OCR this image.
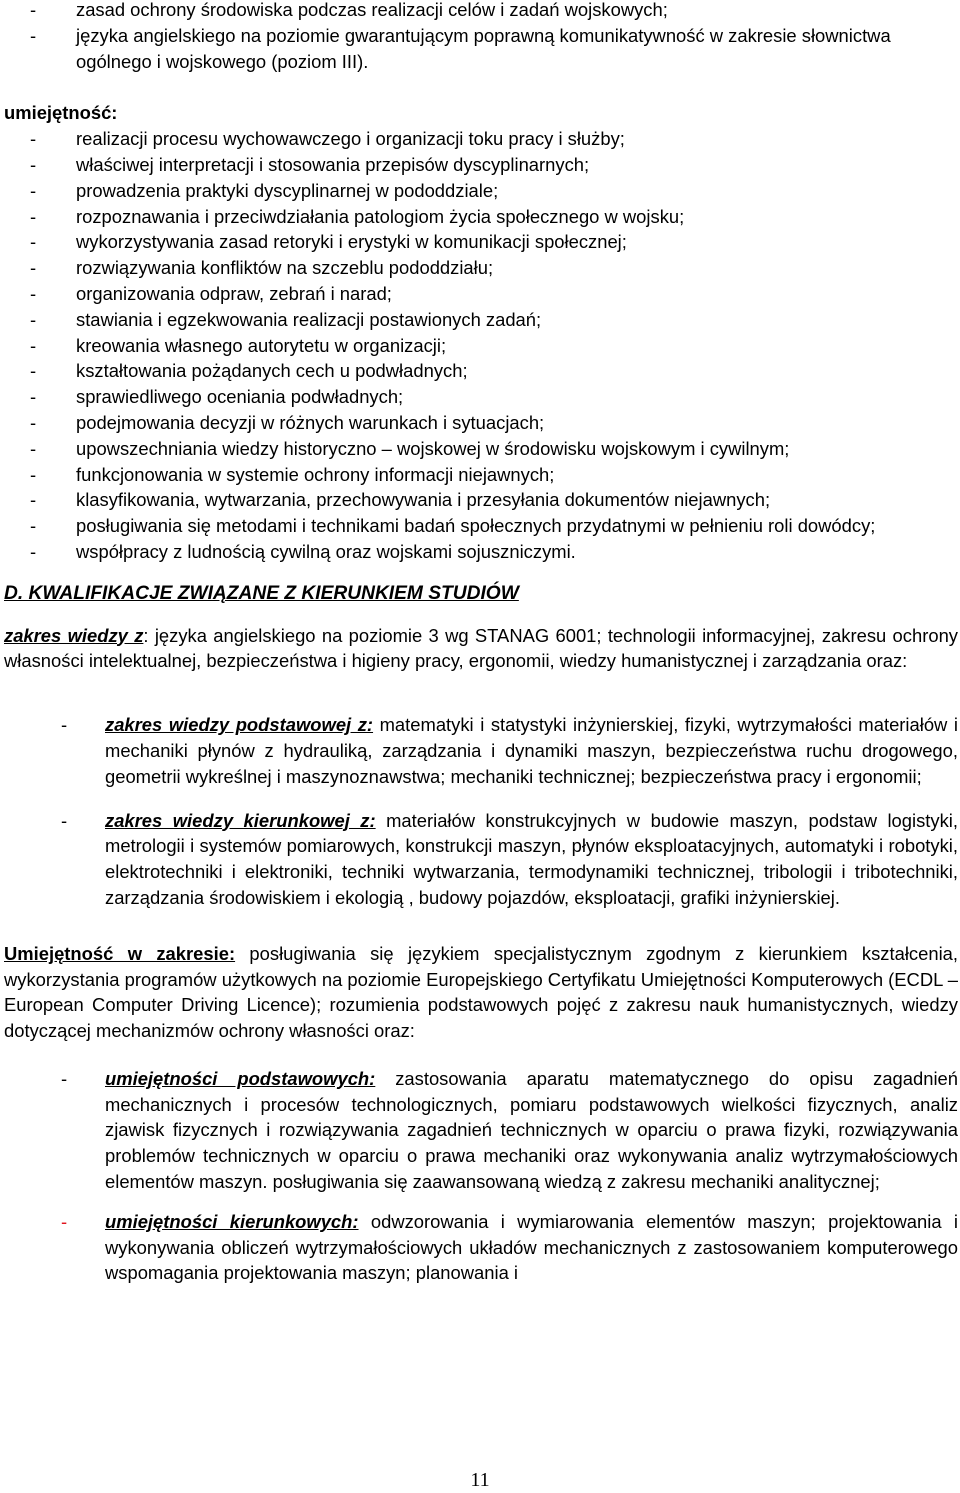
- zasad ochrony środowiska podczas realizacji celów i zadań wojskowych;
- języka angielskiego na poziomie gwarantującym poprawną komunikatywność w zakresie słownictwa ogólnego i wojskowego (poziom III).
umiejętność:
- realizacji procesu wychowawczego i organizacji toku pracy i służby;
- właściwej interpretacji i stosowania przepisów dyscyplinarnych;
- prowadzenia praktyki dyscyplinarnej w pododdziale;
- rozpoznawania i przeciwdziałania patologiom życia społecznego w wojsku;
- wykorzystywania zasad retoryki i erystyki w komunikacji społecznej;
- rozwiązywania konfliktów na szczeblu pododdziału;
- organizowania odpraw, zebrań i narad;
- stawiania i egzekwowania realizacji postawionych zadań;
- kreowania własnego autorytetu w organizacji;
- kształtowania pożądanych cech u podwładnych;
- sprawiedliwego oceniania podwładnych;
- podejmowania decyzji w różnych warunkach i sytuacjach;
- upowszechniania wiedzy historyczno – wojskowej w środowisku wojskowym i cywilnym;
- funkcjonowania w systemie ochrony informacji niejawnych;
- klasyfikowania, wytwarzania, przechowywania i przesyłania dokumentów niejawnych;
- posługiwania się metodami i technikami badań społecznych przydatnymi w pełnieniu roli dowódcy;
- współpracy z ludnością cywilną oraz wojskami sojuszniczymi.
D. KWALIFIKACJE ZWIĄZANE Z KIERUNKIEM STUDIÓW

zakres wiedzy z: języka angielskiego na poziomie 3 wg STANAG 6001; technologii informacyjnej, zakresu ochrony własności intelektualnej, bezpieczeństwa i higieny pracy, ergonomii, wiedzy humanistycznej i zarządzania oraz:

- zakres wiedzy podstawowej z: matematyki i statystyki inżynierskiej, fizyki, wytrzymałości materiałów i mechaniki płynów z hydrauliką, zarządzania i dynamiki maszyn, bezpieczeństwa ruchu drogowego, geometrii wykreślnej i maszynoznawstwa; mechaniki technicznej; bezpieczeństwa pracy i ergonomii;
- zakres wiedzy kierunkowej z: materiałów konstrukcyjnych w budowie maszyn, podstaw logistyki, metrologii i systemów pomiarowych, konstrukcji maszyn, płynów eksploatacyjnych, automatyki i robotyki, elektrotechniki i elektroniki, techniki wytwarzania, termodynamiki technicznej, tribologii i tribotechniki, zarządzania środowiskiem i ekologią , budowy pojazdów, eksploatacji, grafiki inżynierskiej.

Umiejętność w zakresie: posługiwania się językiem specjalistycznym zgodnym z kierunkiem kształcenia, wykorzystania programów użytkowych na poziomie Europejskiego Certyfikatu Umiejętności Komputerowych (ECDL – European Computer Driving Licence); rozumienia podstawowych pojęć z zakresu nauk humanistycznych, wiedzy dotyczącej mechanizmów ochrony własności oraz:

- umiejętności podstawowych: zastosowania aparatu matematycznego do opisu zagadnień mechanicznych i procesów technologicznych, pomiaru podstawowych wielkości fizycznych, analiz zjawisk fizycznych i rozwiązywania zagadnień technicznych w oparciu o prawa fizyki, rozwiązywania problemów technicznych w oparciu o prawa mechaniki oraz wykonywania analiz wytrzymałościowych elementów maszyn. posługiwania się zaawansowaną wiedzą z zakresu mechaniki analitycznej;
- umiejętności kierunkowych: odwzorowania i wymiarowania elementów maszyn; projektowania i wykonywania obliczeń wytrzymałościowych układów mechanicznych z zastosowaniem komputerowego wspomagania projektowania maszyn; planowania i
11
